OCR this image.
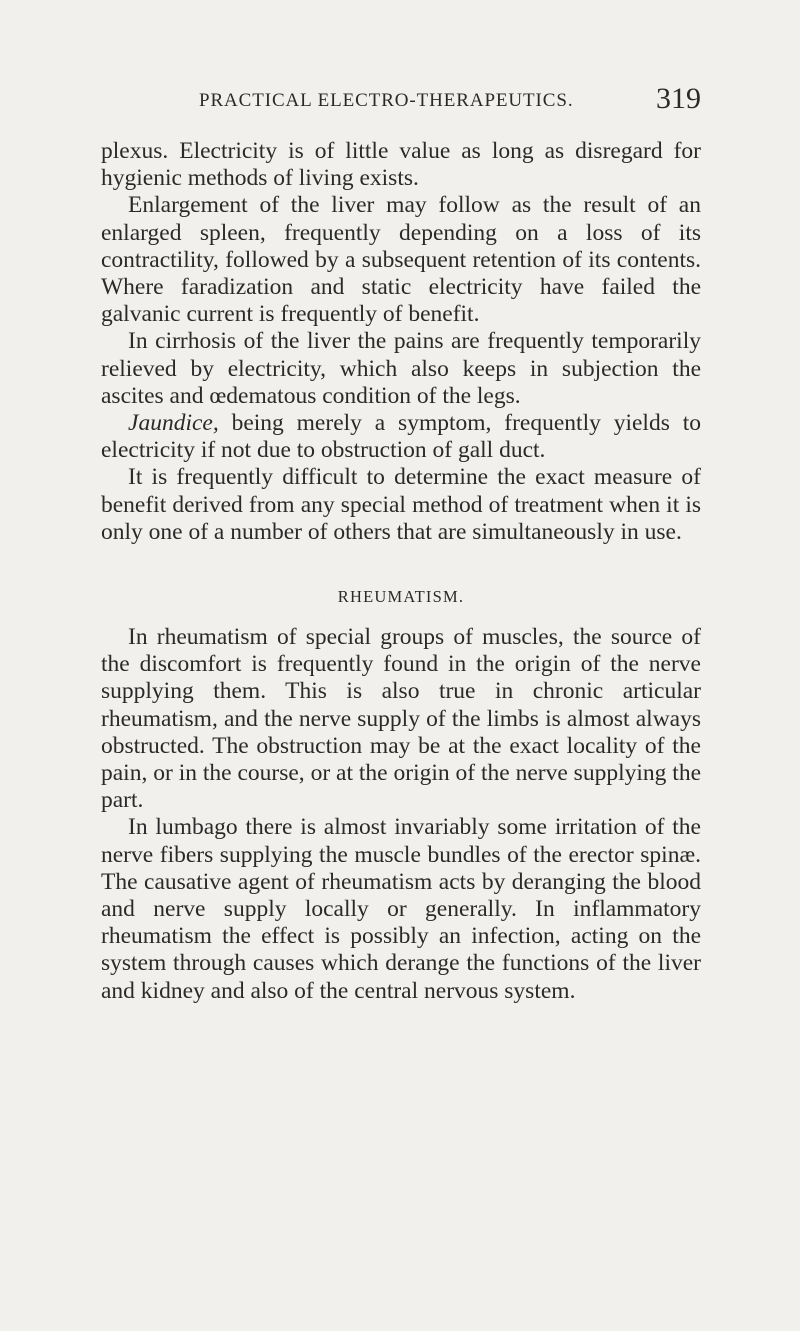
PRACTICAL ELECTRO-THERAPEUTICS.	319

plexus. Electricity is of little value as long as disregard for hygienic methods of living exists.

Enlargement of the liver may follow as the result of an enlarged spleen, frequently depending on a loss of its contractility, followed by a subsequent retention of its contents. Where faradization and static electricity have failed the galvanic current is frequently of benefit.

In cirrhosis of the liver the pains are frequently temporarily relieved by electricity, which also keeps in subjection the ascites and œdematous condition of the legs.

Jaundice, being merely a symptom, frequently yields to electricity if not due to obstruction of gall duct.

It is frequently difficult to determine the exact measure of benefit derived from any special method of treatment when it is only one of a number of others that are simultaneously in use.

RHEUMATISM.

In rheumatism of special groups of muscles, the source of the discomfort is frequently found in the origin of the nerve supplying them. This is also true in chronic articular rheumatism, and the nerve supply of the limbs is almost always obstructed. The obstruction may be at the exact locality of the pain, or in the course, or at the origin of the nerve supplying the part.

In lumbago there is almost invariably some irritation of the nerve fibers supplying the muscle bundles of the erector spinæ. The causative agent of rheumatism acts by deranging the blood and nerve supply locally or generally. In inflammatory rheumatism the effect is possibly an infection, acting on the system through causes which derange the functions of the liver and kidney and also of the central nervous system.
